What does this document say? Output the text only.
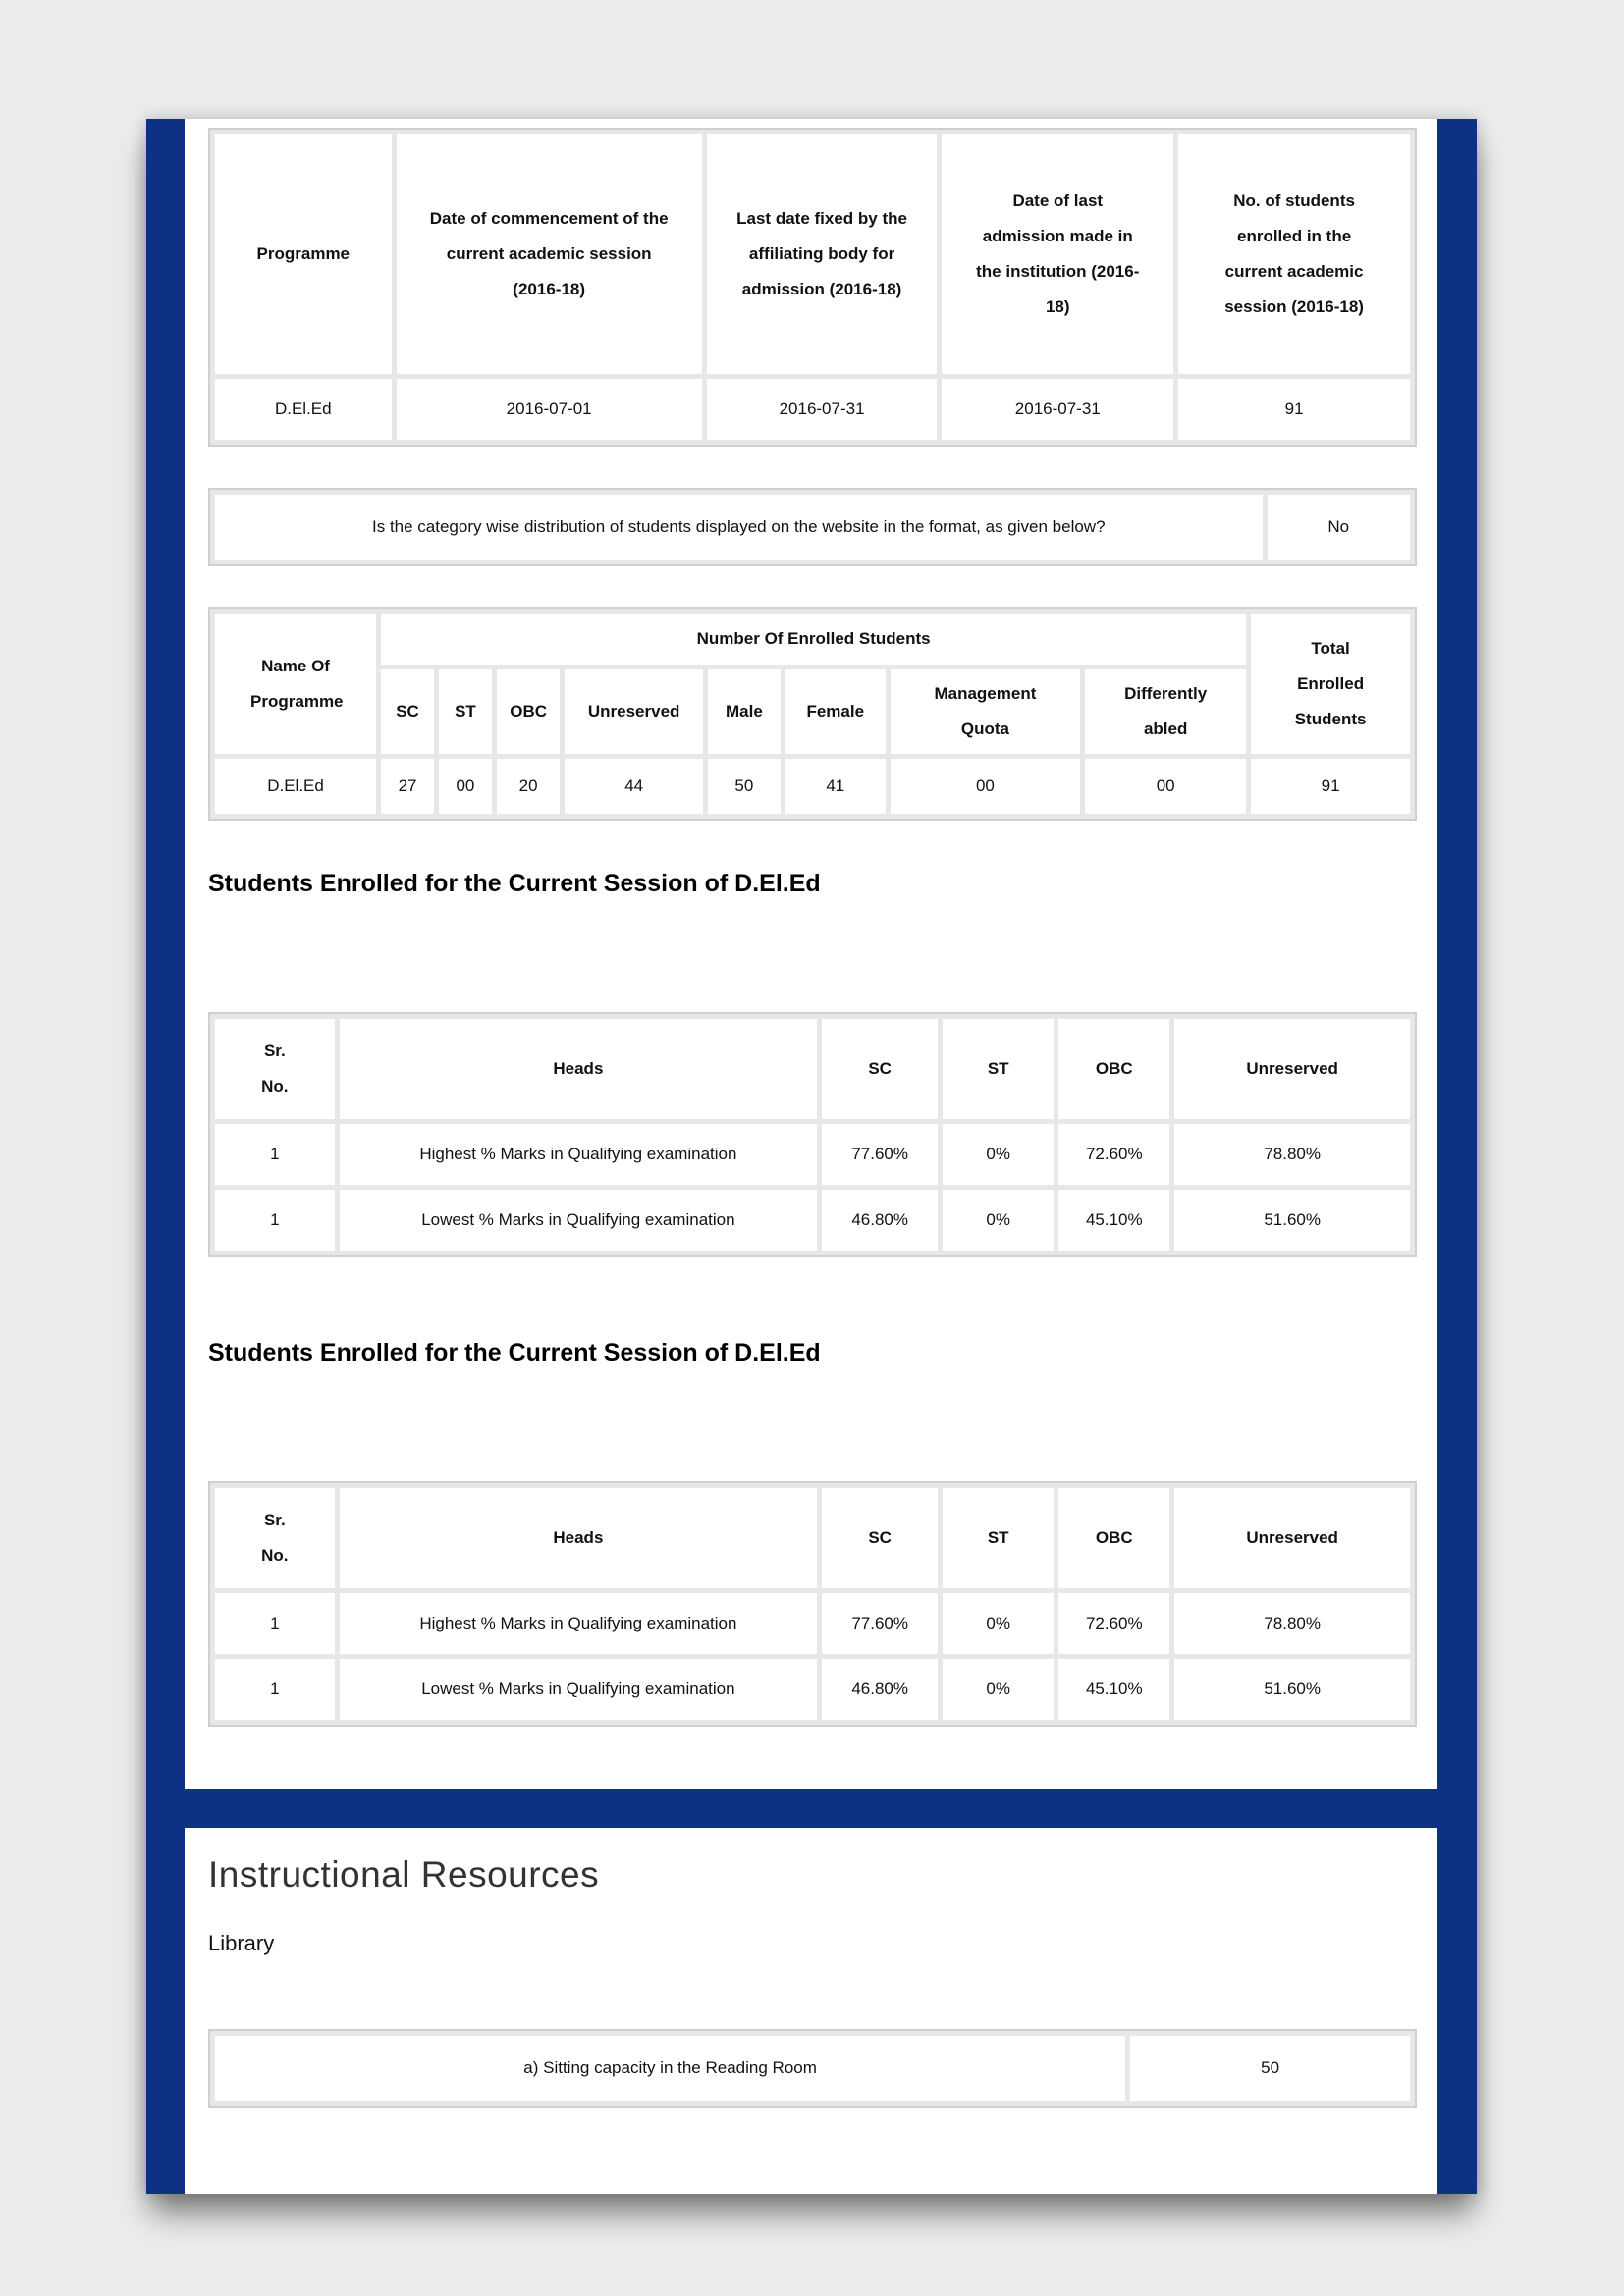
Programme	Date of commencement of the current academic session (2016-18)	Last date fixed by the affiliating body for admission (2016-18)	Date of last admission made in the institution (2016-18)	No. of students enrolled in the current academic session (2016-18)

D.El.Ed	2016-07-01	2016-07-31	2016-07-31	91
Is the category wise distribution of students displayed on the website in the format, as given below?	No
Name Of Programme	Number Of Enrolled Students								Total Enrolled Students

	SC	ST	OBC	Unreserved	Male	Female	Management Quota	Differently abled	

D.El.Ed	27	00	20	44	50	41	00	00	91
Students Enrolled for the Current Session of D.El.Ed
Sr. No.	Heads	SC	ST	OBC	Unreserved
1	Highest % Marks in Qualifying examination	77.60%	0%	72.60%	78.80%
1	Lowest % Marks in Qualifying examination	46.80%	0%	45.10%	51.60%
Students Enrolled for the Current Session of D.El.Ed
Sr. No.	Heads	SC	ST	OBC	Unreserved
1	Highest % Marks in Qualifying examination	77.60%	0%	72.60%	78.80%
1	Lowest % Marks in Qualifying examination	46.80%	0%	45.10%	51.60%
Instructional Resources
Library
a) Sitting capacity in the Reading Room	50
